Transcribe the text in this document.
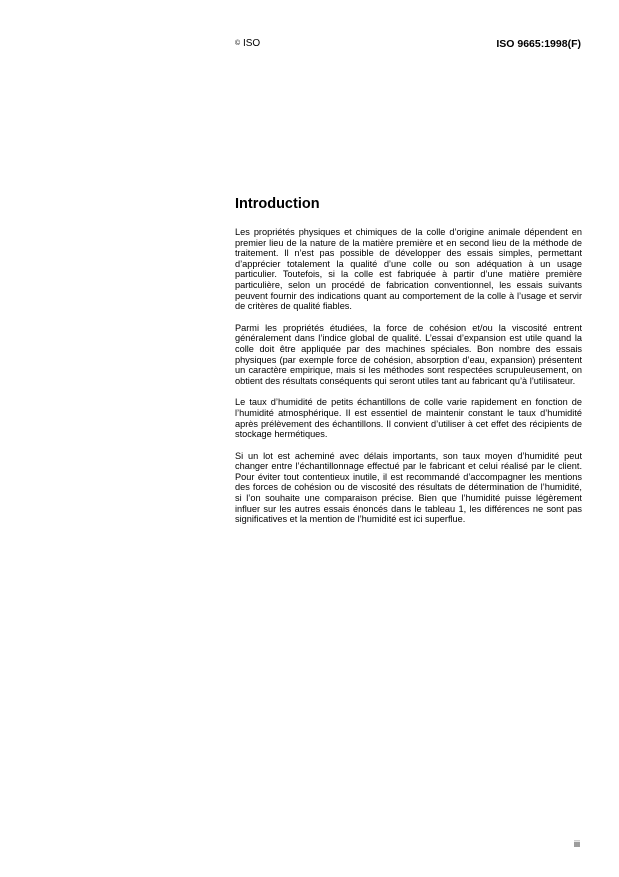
© ISO	ISO 9665:1998(F)
Introduction

Les propriétés physiques et chimiques de la colle d’origine animale dépendent en premier lieu de la nature de la matière première et en second lieu de la méthode de traitement. Il n’est pas possible de développer des essais simples, permettant d’apprécier totalement la qualité d’une colle ou son adéquation à un usage particulier. Toutefois, si la colle est fabriquée à partir d’une matière première particulière, selon un procédé de fabrication conventionnel, les essais suivants peuvent fournir des indications quant au comportement de la colle à l’usage et servir de critères de qualité fiables.

Parmi les propriétés étudiées, la force de cohésion et/ou la viscosité entrent généralement dans l’indice global de qualité. L’essai d’expansion est utile quand la colle doit être appliquée par des machines spéciales. Bon nombre des essais physiques (par exemple force de cohésion, absorption d’eau, expansion) présentent un caractère empirique, mais si les méthodes sont respectées scrupuleusement, on obtient des résultats conséquents qui seront utiles tant au fabricant qu’à l’utilisateur.

Le taux d’humidité de petits échantillons de colle varie rapidement en fonction de l’humidité atmosphérique. Il est essentiel de maintenir constant le taux d’humidité après prélèvement des échantillons. Il convient d’utiliser à cet effet des récipients de stockage hermétiques.

Si un lot est acheminé avec délais importants, son taux moyen d’humidité peut changer entre l’échantillonnage effectué par le fabricant et celui réalisé par le client. Pour éviter tout contentieux inutile, il est recommandé d’accompagner les mentions des forces de cohésion ou de viscosité des résultats de détermination de l’humidité, si l’on souhaite une comparaison précise. Bien que l’humidité puisse légèrement influer sur les autres essais énoncés dans le tableau 1, les différences ne sont pas significatives et la mention de l’humidité est ici superflue.

iii
